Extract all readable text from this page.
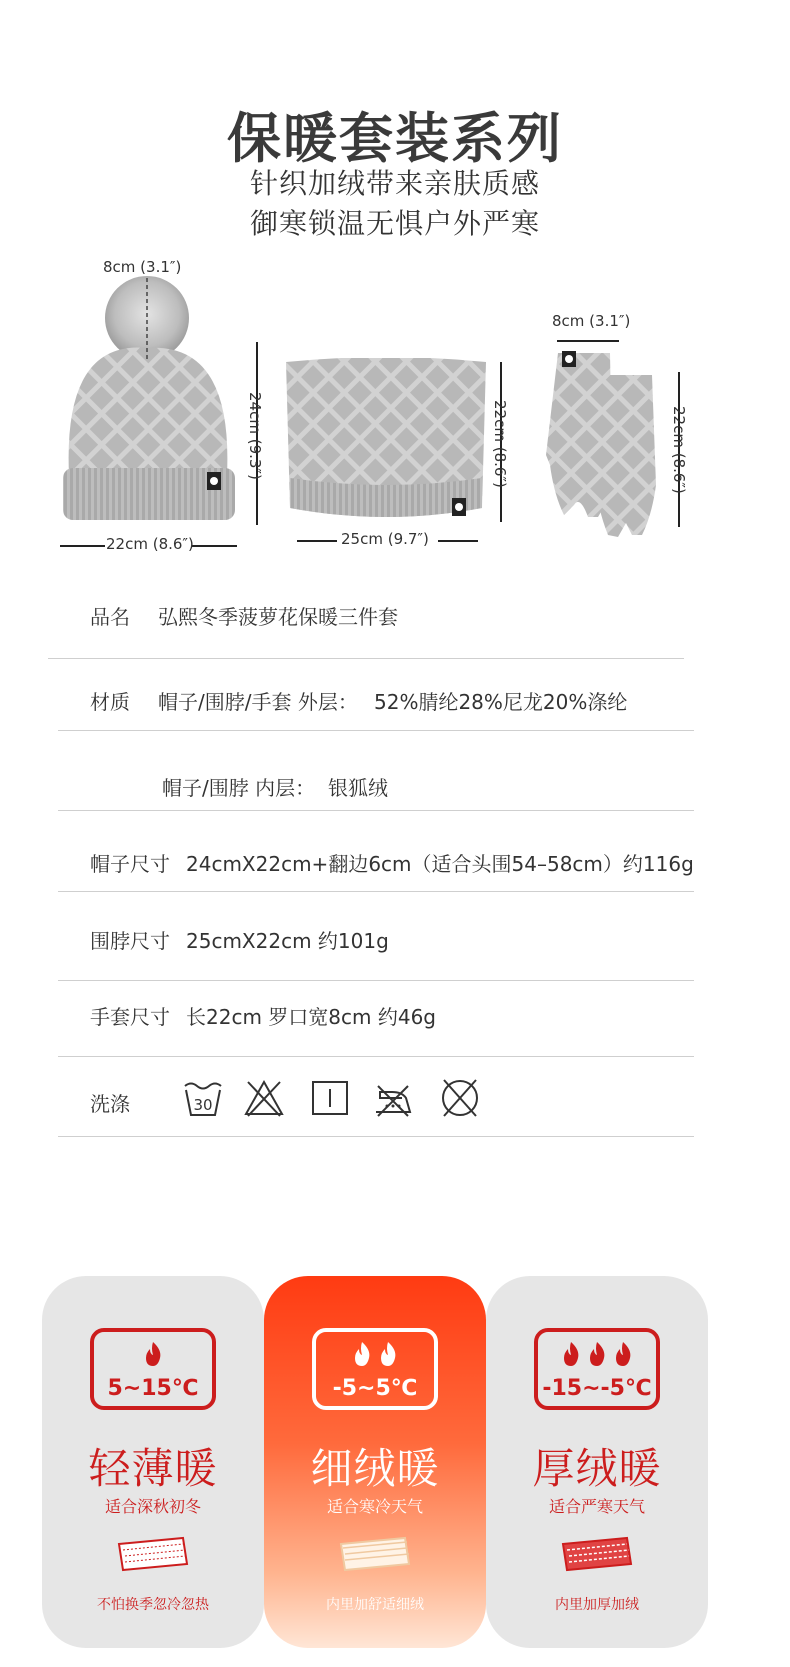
保暖套装系列
针织加绒带来亲肤质感
御寒锁温无惧户外严寒
8cm (3.1″)
24cm (9.3″)
22cm (8.6″)
22cm (8.6″)
25cm (9.7″)
8cm (3.1″)
22cm (8.6″)
品名 弘熙冬季菠萝花保暖三件套
材质 帽子/围脖/手套 外层： 52%腈纶28%尼龙20%涤纶
帽子/围脖 内层： 银狐绒
帽子尺寸 24cmX22cm+翻边6cm（适合头围54–58cm）约116g
围脖尺寸 25cmX22cm 约101g
手套尺寸 长22cm 罗口宽8cm 约46g
洗涤	30
5~15℃
轻薄暖
适合深秋初冬
不怕换季忽冷忽热
-5~5℃
细绒暖
适合寒冷天气
内里加舒适细绒
-15~-5℃
厚绒暖
适合严寒天气
内里加厚加绒
